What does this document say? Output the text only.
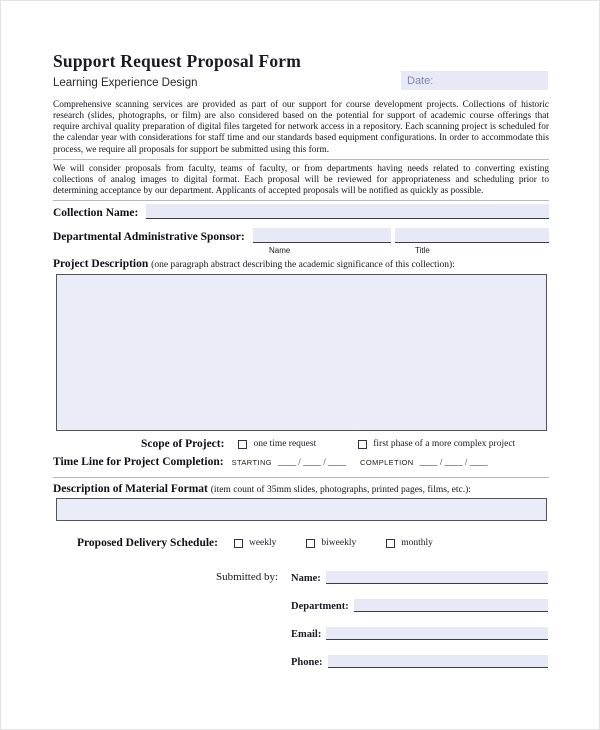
Support Request Proposal Form
Learning Experience Design	Date:

Comprehensive scanning services are provided as part of our support for course development projects. Collections of historic research (slides, photographs, or film) are also considered based on the potential for support of academic course offerings that require archival quality preparation of digital files targeted for network access in a repository. Each scanning project is scheduled for the calendar year with considerations for staff time and our standards based equipment configurations. In order to accommodate this process, we require all proposals for support be submitted using this form.

We will consider proposals from faculty, teams of faculty, or from departments having needs related to converting existing collections of analog images to digital format. Each proposal will be reviewed for appropriateness and scheduling prior to determining acceptance by our department. Applicants of accepted proposals will be notified as quickly as possible.

Collection Name:
Departmental Administrative Sponsor:
Name	Title
Project Description (one paragraph abstract describing the academic significance of this collection):
Scope of Project:	one time request	first phase of a more complex project
Time Line for Project Completion: STARTING ____ / ____ / ____ COMPLETION ____ / ____ / ____
Description of Material Format (item count of 35mm slides, photographs, printed pages, films, etc.):
Proposed Delivery Schedule:	weekly	biweekly	monthly
Submitted by: Name:
Department:
Email:
Phone:
